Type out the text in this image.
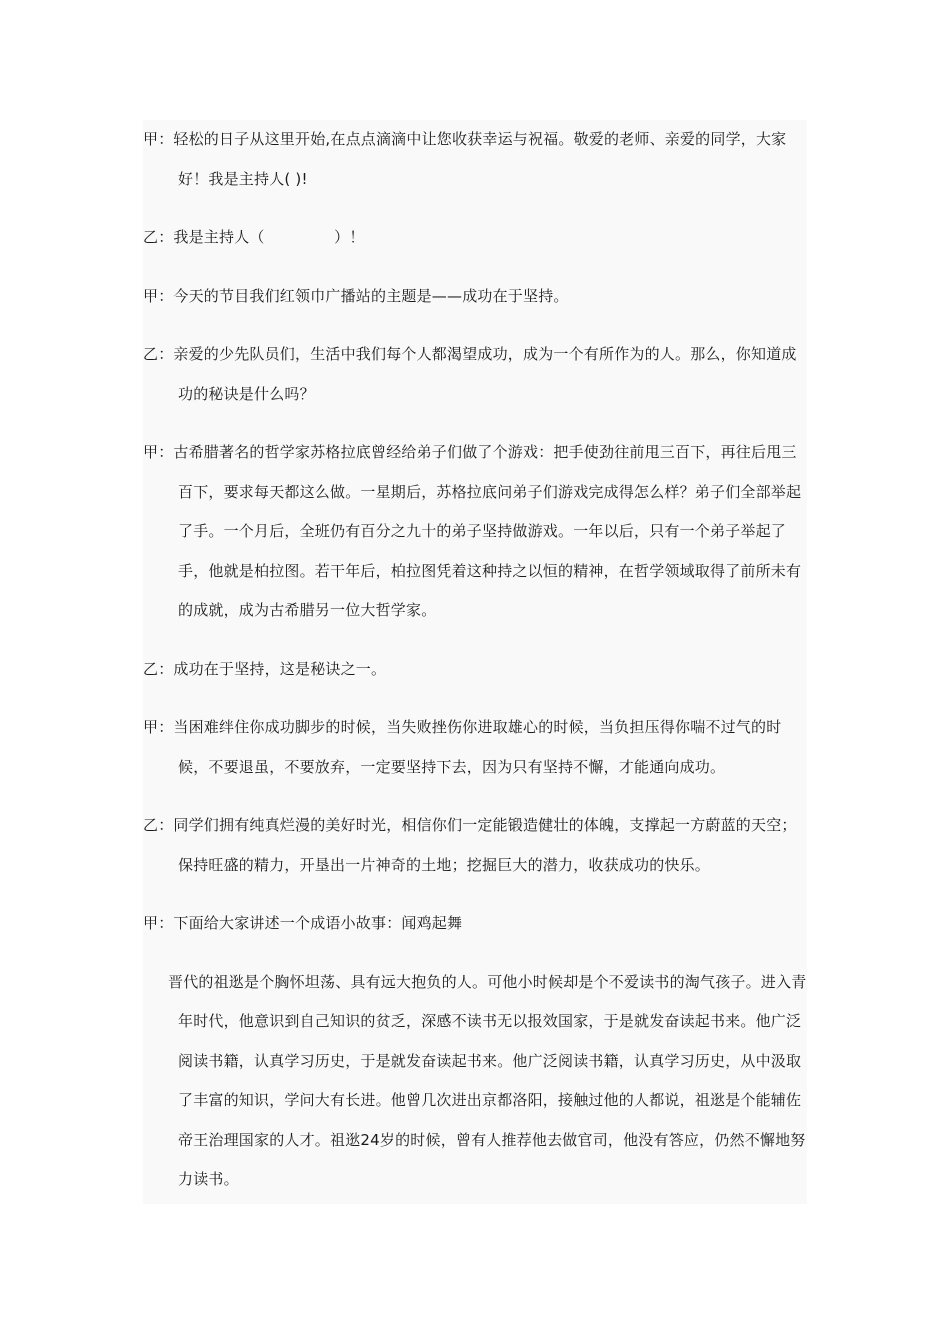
甲：轻松的日子从这里开始,在点点滴滴中让您收获幸运与祝福。敬爱的老师、亲爱的同学，大家好！我是主持人( )!

乙：我是主持人（              ）！

甲：今天的节目我们红领巾广播站的主题是——成功在于坚持。

乙：亲爱的少先队员们，生活中我们每个人都渴望成功，成为一个有所作为的人。那么，你知道成功的秘诀是什么吗？

甲：古希腊著名的哲学家苏格拉底曾经给弟子们做了个游戏：把手使劲往前甩三百下，再往后甩三百下，要求每天都这么做。一星期后，苏格拉底问弟子们游戏完成得怎么样？弟子们全部举起了手。一个月后，全班仍有百分之九十的弟子坚持做游戏。一年以后，只有一个弟子举起了手，他就是柏拉图。若干年后，柏拉图凭着这种持之以恒的精神，在哲学领域取得了前所未有的成就，成为古希腊另一位大哲学家。

乙：成功在于坚持，这是秘诀之一。

甲：当困难绊住你成功脚步的时候，当失败挫伤你进取雄心的时候，当负担压得你喘不过气的时候，不要退虽，不要放弃，一定要坚持下去，因为只有坚持不懈，才能通向成功。

乙：同学们拥有纯真烂漫的美好时光，相信你们一定能锻造健壮的体魄，支撑起一方蔚蓝的天空；保持旺盛的精力，开垦出一片神奇的土地；挖掘巨大的潜力，收获成功的快乐。

甲：下面给大家讲述一个成语小故事：闻鸡起舞

晋代的祖逖是个胸怀坦荡、具有远大抱负的人。可他小时候却是个不爱读书的淘气孩子。进入青年时代，他意识到自己知识的贫乏，深感不读书无以报效国家，于是就发奋读起书来。他广泛阅读书籍，认真学习历史，于是就发奋读起书来。他广泛阅读书籍，认真学习历史，从中汲取了丰富的知识，学问大有长进。他曾几次进出京都洛阳，接触过他的人都说，祖逖是个能辅佐帝王治理国家的人才。祖逖24岁的时候，曾有人推荐他去做官司，他没有答应，仍然不懈地努力读书。
